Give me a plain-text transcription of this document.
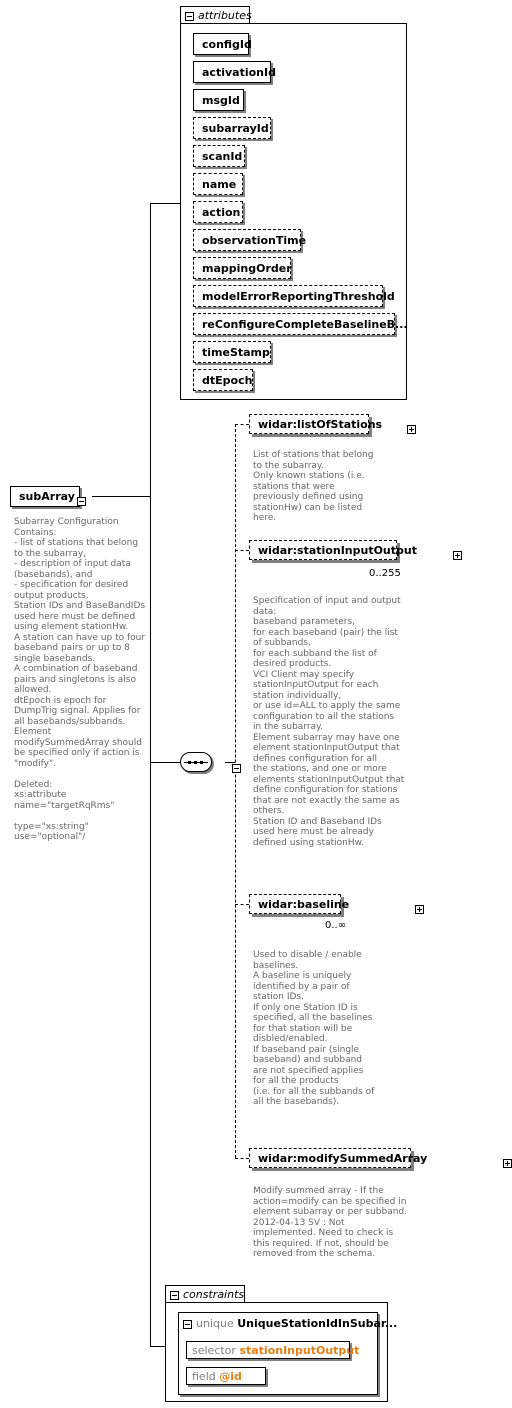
subArray

Subarray Configuration Contains:
- list of stations that belong to the subarray,
- description of input data (basebands), and
- specification for desired output products.
Station IDs and BaseBandIDs used here must be defined using element stationHw.
A station can have up to four baseband pairs or up to 8 single basebands.
A combination of baseband pairs and singletons is also allowed.
dtEpoch is epoch for DumpTrig signal. Applies for all basebands/subbands.
Element modifySummedArray should be specified only if action is "modify".

Deleted:
xs:attribute name="targetRqRms"

type="xs:string"
use="optional"/
attributes
configId
activationId
msgId
subarrayId
scanId
name
action
observationTime
mappingOrder
modelErrorReportingThreshold
reConfigureCompleteBaselineB...
timeStamp
dtEpoch

widar:listOfStations

List of stations that belong to the subarray.
Only known stations (i.e. stations that were previously defined using stationHw) can be listed here.
widar:stationInputOutput

0..255
Specification of input and output data:
baseband parameters,
for each baseband (pair) the list of subbands,
for each subband the list of desired products.
VCI Client may specify stationInputOutput for each station individually,
or use id=ALL to apply the same configuration to all the stations in the subarray.
Element subarray may have one element stationInputOutput that defines configuration for all
the stations, and one or more elements stationInputOutput that define configuration for stations
that are not exactly the same as others.
Station ID and Baseband IDs used here must be already defined using stationHw.
widar:baseline

0..∞
Used to disable / enable baselines.
A baseline is uniquely identified by a pair of station IDs.
If only one Station ID is specified, all the baselines for that station will be disbled/enabled.
If baseband pair (single baseband) and subband are not specified applies for all the products
(i.e. for all the subbands of all the basebands).
widar:modifySummedArray
Modify summed array - If the action=modify can be specified in element subarray or per subband.
2012-04-13 SV : Not implemented. Need to check is this required. If not, should be removed from the schema.
constraints
unique UniqueStationIdInSubar...
selector stationInputOutput
field @id
